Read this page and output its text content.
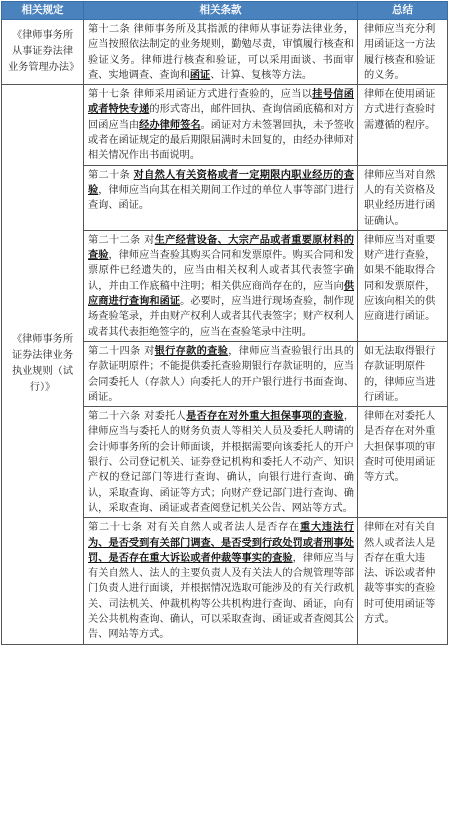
相关规定	相关条款	总结
《律师事务所从事证券法律业务管理办法》	第十二条 律师事务所及其指派的律师从事证券法律业务，应当按照依法制定的业务规则，勤勉尽责，审慎履行核查和验证义务。律师进行核查和验证，可以采用面谈、书面审查、实地调查、查询和函证、计算、复核等方法。	律师应当充分利用函证这一方法履行核查和验证的义务。
《律师事务所证券法律业务执业规则（试行）》	第十七条 律师采用函证方式进行查验的，应当以挂号信函或者特快专递的形式寄出，邮件回执、查询信函底稿和对方回函应当由经办律师签名。函证对方未签署回执，未予签收或者在函证规定的最后期限届满时未回复的，由经办律师对相关情况作出书面说明。	律师在使用函证方式进行查验时需遵循的程序。
	第二十条 对自然人有关资格或者一定期限内职业经历的查验，律师应当向其在相关期间工作过的单位人事等部门进行查询、函证。	律师应当对自然人的有关资格及职业经历进行函证确认。
	第二十二条 对生产经营设备、大宗产品或者重要原材料的查验，律师应当查验其购买合同和发票原件。购买合同和发票原件已经遗失的，应当由相关权利人或者其代表签字确认，并由工作底稿中注明；相关供应商尚存在的，应当向供应商进行查询和函证。必要时，应当进行现场查验，制作现场查验笔录，并由财产权利人或者其代表签字；财产权利人或者其代表拒绝签字的，应当在查验笔录中注明。	律师应当对重要财产进行查验，如果不能取得合同和发票原件，应该向相关的供应商进行函证。
	第二十四条 对银行存款的查验，律师应当查验银行出具的存款证明原件；不能提供委托查验期银行存款证明的，应当会同委托人（存款人）向委托人的开户银行进行书面查询、函证。	如无法取得银行存款证明原件的，律师应当进行函证。
	第二十六条 对委托人是否存在对外重大担保事项的查验，律师应当与委托人的财务负责人等相关人员及委托人聘请的会计师事务所的会计师面谈，并根据需要向该委托人的开户银行、公司登记机关、证券登记机构和委托人不动产、知识产权的登记部门等进行查询、确认，向银行进行查询、确认，采取查询、函证等方式；向财产登记部门进行查询、确认，采取查询、函证或者查阅登记机关公告、网站等方式。	律师在对委托人是否存在对外重大担保事项的审查时可使用函证等方式。
	第二十七条 对有关自然人或者法人是否存在重大违法行为、是否受到有关部门调查、是否受到行政处罚或者刑事处罚、是否存在重大诉讼或者仲裁等事实的查验，律师应当与有关自然人、法人的主要负责人及有关法人的合规管理等部门负责人进行面谈，并根据情况选取可能涉及的有关行政机关、司法机关、仲裁机构等公共机构进行查询、函证，向有关公共机构查询、确认，可以采取查询、函证或者查阅其公告、网站等方式。	律师在对有关自然人或者法人是否存在重大违法、诉讼或者仲裁等事实的查验时可使用函证等方式。
